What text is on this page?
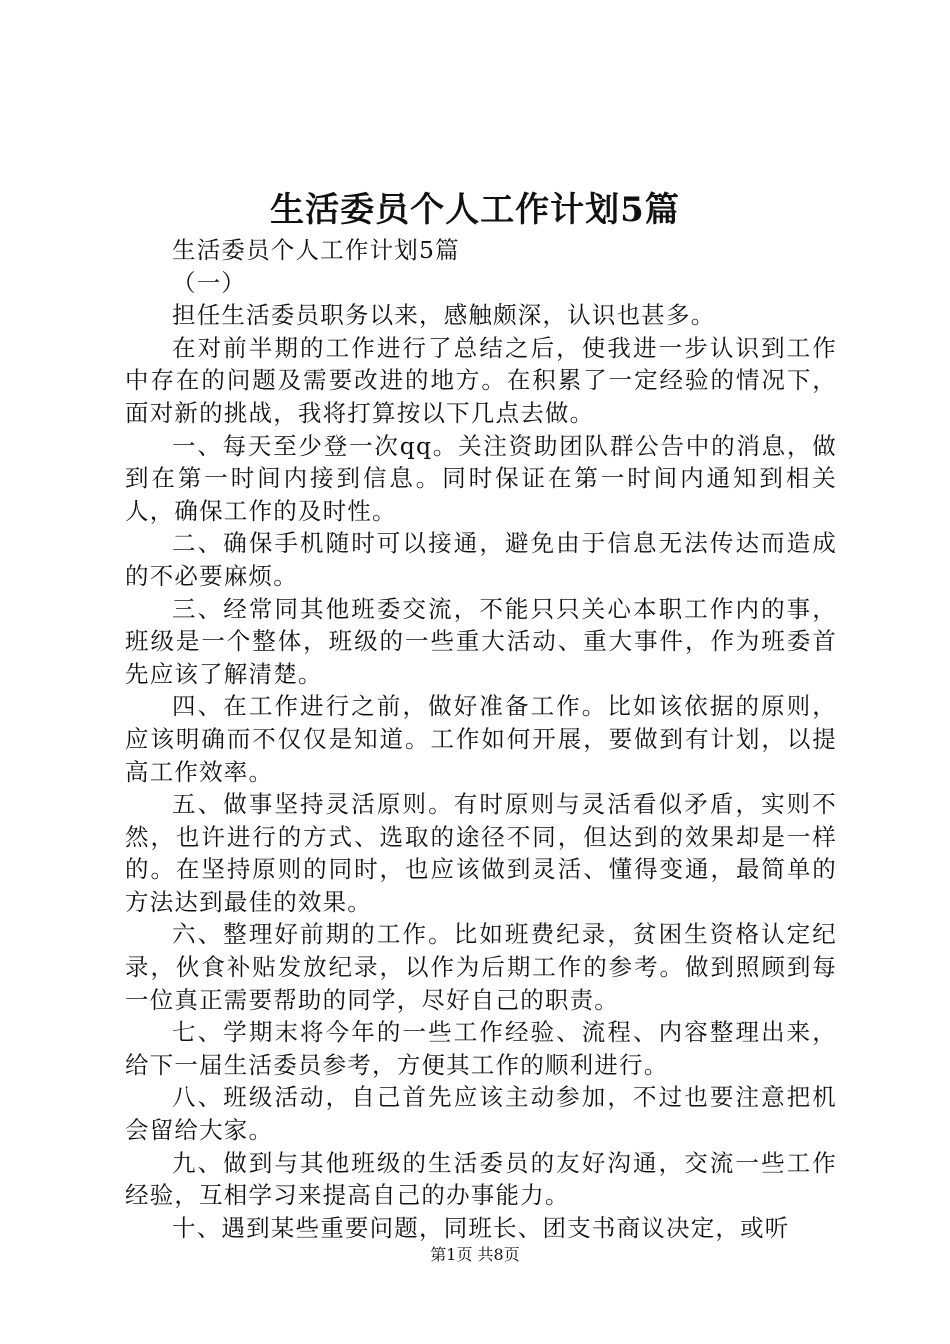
生活委员个人工作计划5篇

生活委员个人工作计划5篇

（一）

担任生活委员职务以来，感触颇深，认识也甚多。

在对前半期的工作进行了总结之后，使我进一步认识到工作中存在的问题及需要改进的地方。在积累了一定经验的情况下，面对新的挑战，我将打算按以下几点去做。

一、每天至少登一次qq。关注资助团队群公告中的消息，做到在第一时间内接到信息。同时保证在第一时间内通知到相关人，确保工作的及时性。

二、确保手机随时可以接通，避免由于信息无法传达而造成的不必要麻烦。

三、经常同其他班委交流，不能只只关心本职工作内的事，班级是一个整体，班级的一些重大活动、重大事件，作为班委首先应该了解清楚。

四、在工作进行之前，做好准备工作。比如该依据的原则，应该明确而不仅仅是知道。工作如何开展，要做到有计划，以提高工作效率。

五、做事坚持灵活原则。有时原则与灵活看似矛盾，实则不然，也许进行的方式、选取的途径不同，但达到的效果却是一样的。在坚持原则的同时，也应该做到灵活、懂得变通，最简单的方法达到最佳的效果。

六、整理好前期的工作。比如班费纪录，贫困生资格认定纪录，伙食补贴发放纪录，以作为后期工作的参考。做到照顾到每一位真正需要帮助的同学，尽好自己的职责。

七、学期末将今年的一些工作经验、流程、内容整理出来，给下一届生活委员参考，方便其工作的顺利进行。

八、班级活动，自己首先应该主动参加，不过也要注意把机会留给大家。

九、做到与其他班级的生活委员的友好沟通，交流一些工作经验，互相学习来提高自己的办事能力。

十、遇到某些重要问题，同班长、团支书商议决定，或听

第1页 共8页
